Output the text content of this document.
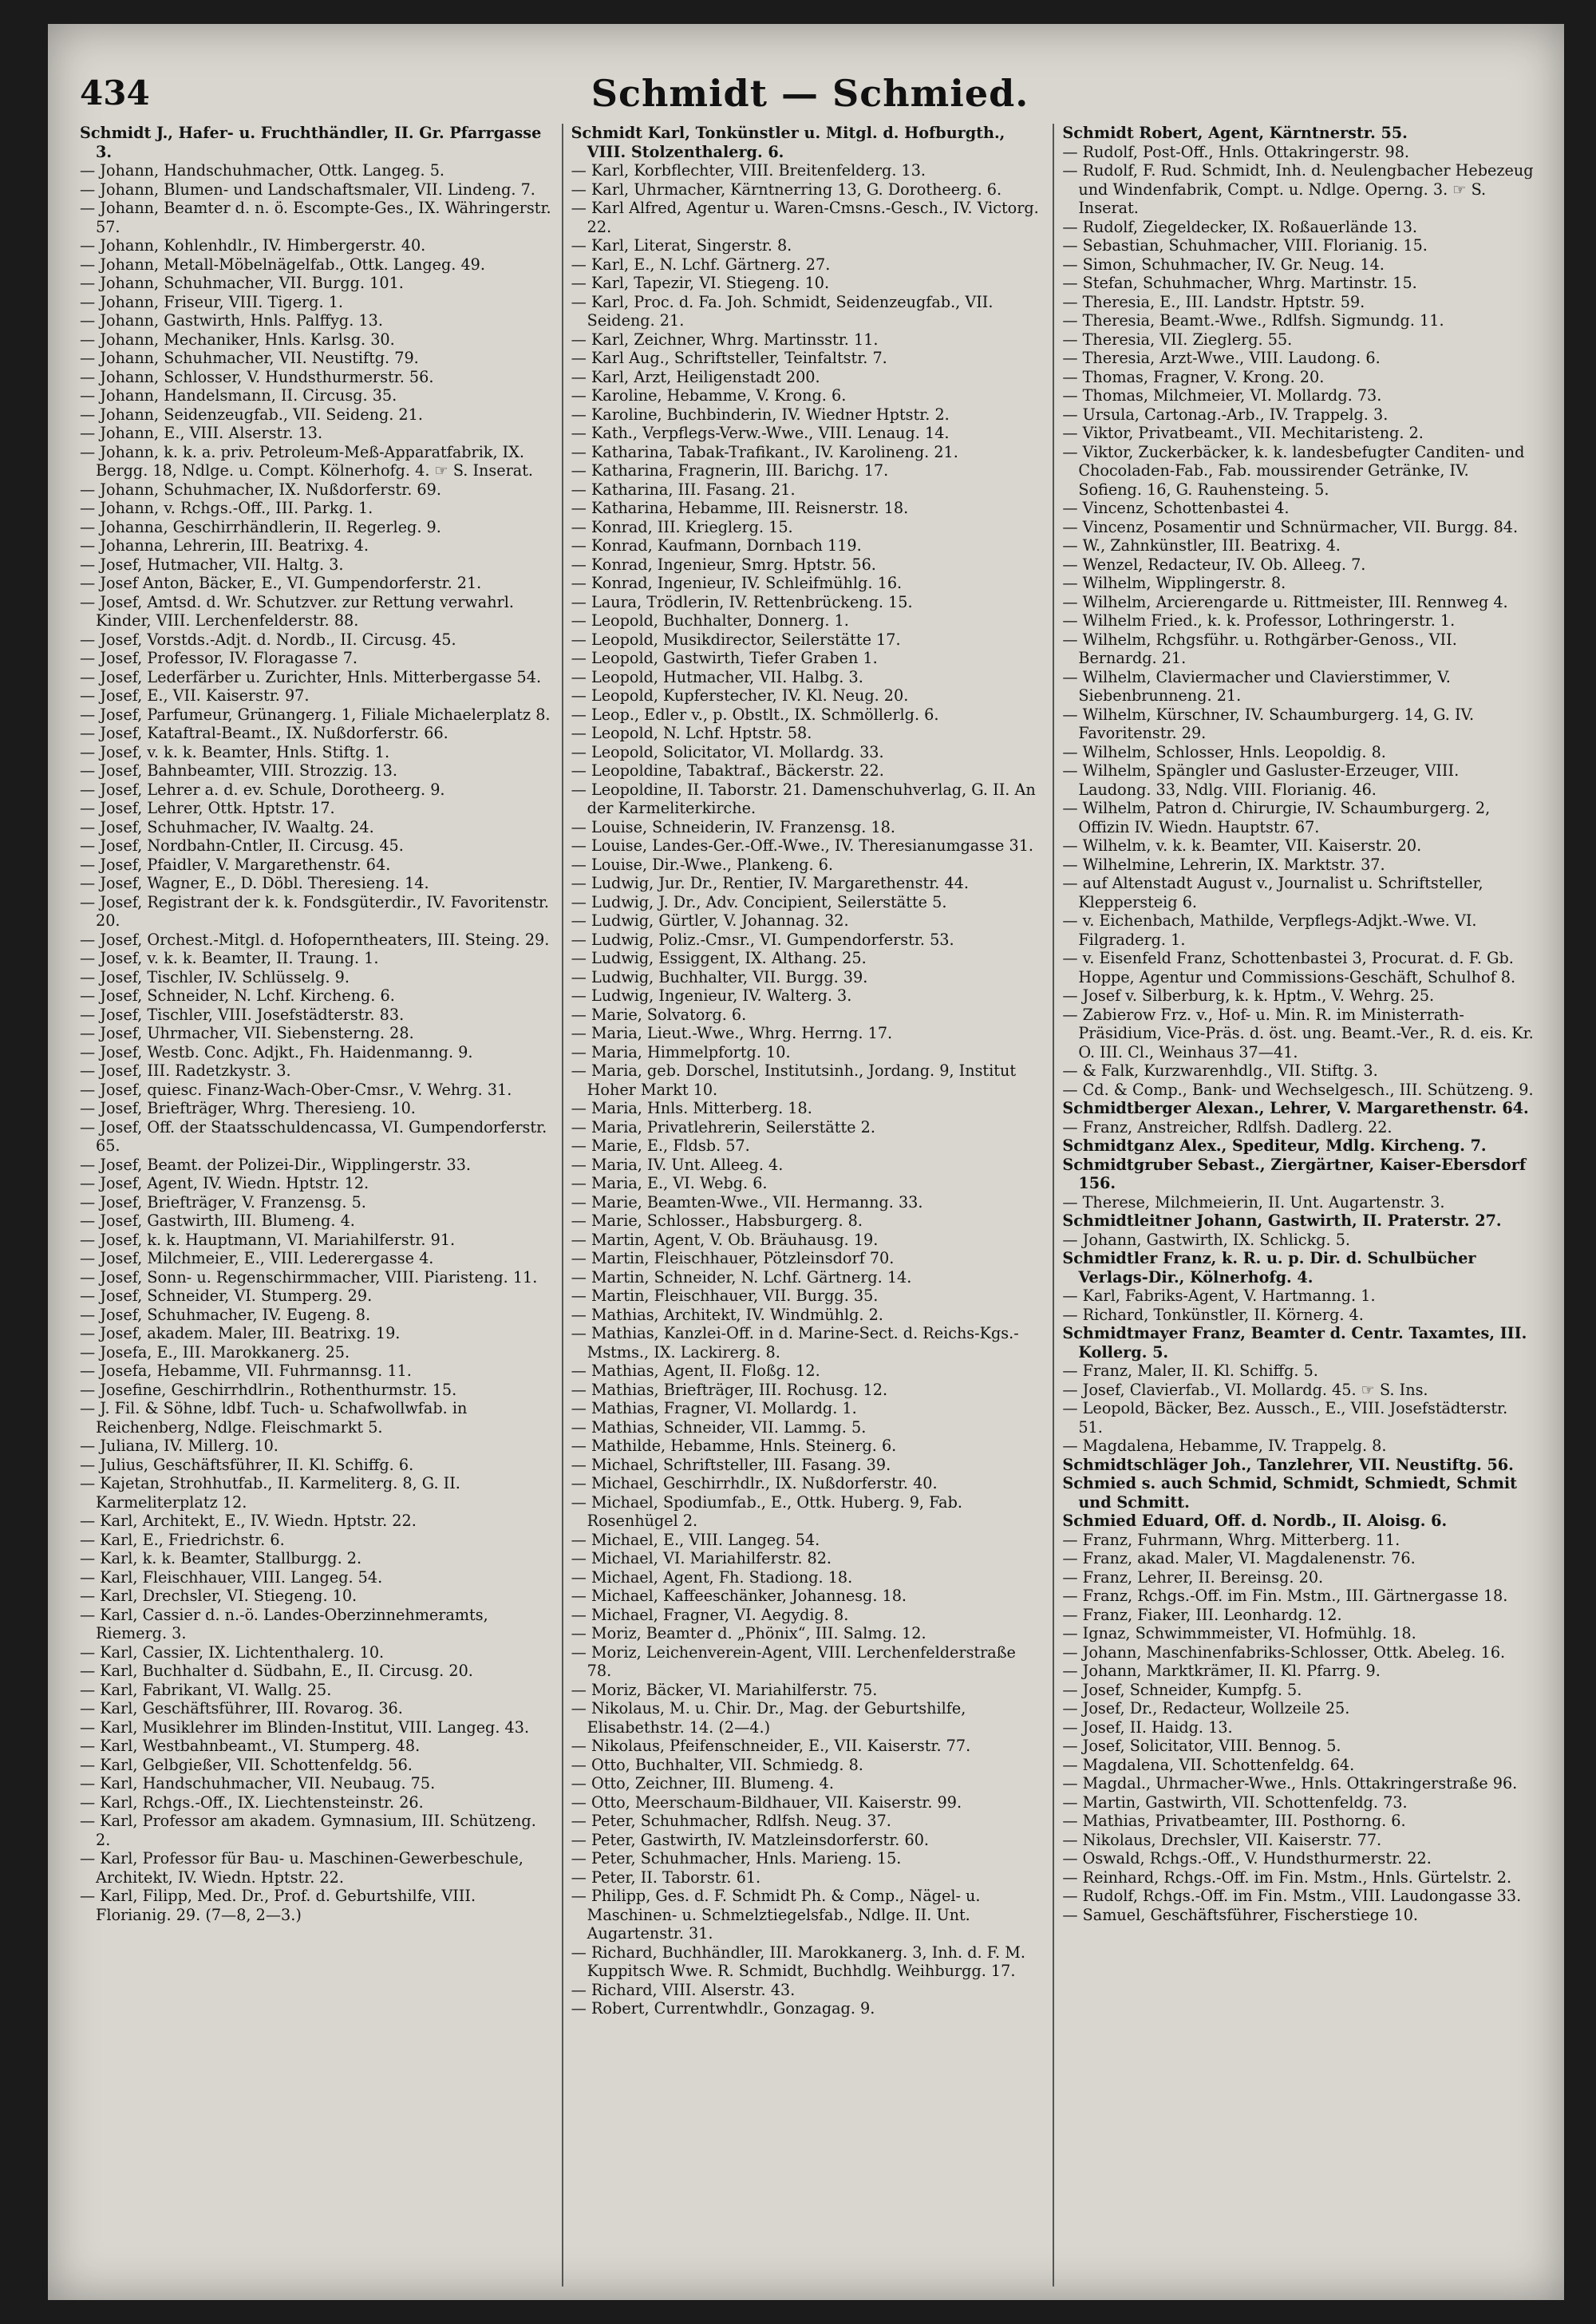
434	Schmidt — Schmied.
Schmidt J., Hafer- u. Fruchthändler, II. Gr. Pfarrgasse 3.
— Johann, Handschuhmacher, Ottk. Langeg. 5.
— Johann, Blumen- und Landschaftsmaler, VII. Lindeng. 7.
— Johann, Beamter d. n. ö. Escompte-Ges., IX. Währingerstr. 57.
— Johann, Kohlenhdlr., IV. Himbergerstr. 40.
— Johann, Metall-Möbelnägelfab., Ottk. Langeg. 49.
— Johann, Schuhmacher, VII. Burgg. 101.
— Johann, Friseur, VIII. Tigerg. 1.
— Johann, Gastwirth, Hnls. Palffyg. 13.
— Johann, Mechaniker, Hnls. Karlsg. 30.
— Johann, Schuhmacher, VII. Neustiftg. 79.
— Johann, Schlosser, V. Hundsthurmerstr. 56.
— Johann, Handelsmann, II. Circusg. 35.
— Johann, Seidenzeugfab., VII. Seideng. 21.
— Johann, E., VIII. Alserstr. 13.
— Johann, k. k. a. priv. Petroleum-Meß-Apparatfabrik, IX. Bergg. 18, Ndlge. u. Compt. Kölnerhofg. 4. ☞ S. Inserat.
— Johann, Schuhmacher, IX. Nußdorferstr. 69.
— Johann, v. Rchgs.-Off., III. Parkg. 1.
— Johanna, Geschirrhändlerin, II. Regerleg. 9.
— Johanna, Lehrerin, III. Beatrixg. 4.
— Josef, Hutmacher, VII. Haltg. 3.
— Josef Anton, Bäcker, E., VI. Gumpendorferstr. 21.
— Josef, Amtsd. d. Wr. Schutzver. zur Rettung verwahrl. Kinder, VIII. Lerchenfelderstr. 88.
— Josef, Vorstds.-Adjt. d. Nordb., II. Circusg. 45.
— Josef, Professor, IV. Floragasse 7.
— Josef, Lederfärber u. Zurichter, Hnls. Mitterbergasse 54.
— Josef, E., VII. Kaiserstr. 97.
— Josef, Parfumeur, Grünangerg. 1, Filiale Michaelerplatz 8.
— Josef, Kataftral-Beamt., IX. Nußdorferstr. 66.
— Josef, v. k. k. Beamter, Hnls. Stiftg. 1.
— Josef, Bahnbeamter, VIII. Strozzig. 13.
— Josef, Lehrer a. d. ev. Schule, Dorotheerg. 9.
— Josef, Lehrer, Ottk. Hptstr. 17.
— Josef, Schuhmacher, IV. Waaltg. 24.
— Josef, Nordbahn-Cntler, II. Circusg. 45.
— Josef, Pfaidler, V. Margarethenstr. 64.
— Josef, Wagner, E., D. Döbl. Theresieng. 14.
— Josef, Registrant der k. k. Fondsgüterdir., IV. Favoritenstr. 20.
— Josef, Orchest.-Mitgl. d. Hofoperntheaters, III. Steing. 29.
— Josef, v. k. k. Beamter, II. Traung. 1.
— Josef, Tischler, IV. Schlüsselg. 9.
— Josef, Schneider, N. Lchf. Kircheng. 6.
— Josef, Tischler, VIII. Josefstädterstr. 83.
— Josef, Uhrmacher, VII. Siebensterng. 28.
— Josef, Westb. Conc. Adjkt., Fh. Haidenmanng. 9.
— Josef, III. Radetzkystr. 3.
— Josef, quiesc. Finanz-Wach-Ober-Cmsr., V. Wehrg. 31.
— Josef, Briefträger, Whrg. Theresieng. 10.
— Josef, Off. der Staatsschuldencassa, VI. Gumpendorferstr. 65.
— Josef, Beamt. der Polizei-Dir., Wipplingerstr. 33.
— Josef, Agent, IV. Wiedn. Hptstr. 12.
— Josef, Briefträger, V. Franzensg. 5.
— Josef, Gastwirth, III. Blumeng. 4.
— Josef, k. k. Hauptmann, VI. Mariahilferstr. 91.
— Josef, Milchmeier, E., VIII. Lederergasse 4.
— Josef, Sonn- u. Regenschirmmacher, VIII. Piaristeng. 11.
— Josef, Schneider, VI. Stumperg. 29.
— Josef, Schuhmacher, IV. Eugeng. 8.
— Josef, akadem. Maler, III. Beatrixg. 19.
— Josefa, E., III. Marokkanerg. 25.
— Josefa, Hebamme, VII. Fuhrmannsg. 11.
— Josefine, Geschirrhdlrin., Rothenthurmstr. 15.
— J. Fil. & Söhne, ldbf. Tuch- u. Schafwollwfab. in Reichenberg, Ndlge. Fleischmarkt 5.
— Juliana, IV. Millerg. 10.
— Julius, Geschäftsführer, II. Kl. Schiffg. 6.
— Kajetan, Strohhutfab., II. Karmeliterg. 8, G. II. Karmeliterplatz 12.
— Karl, Architekt, E., IV. Wiedn. Hptstr. 22.
— Karl, E., Friedrichstr. 6.
— Karl, k. k. Beamter, Stallburgg. 2.
— Karl, Fleischhauer, VIII. Langeg. 54.
— Karl, Drechsler, VI. Stiegeng. 10.
— Karl, Cassier d. n.-ö. Landes-Oberzinnehmeramts, Riemerg. 3.
— Karl, Cassier, IX. Lichtenthalerg. 10.
— Karl, Buchhalter d. Südbahn, E., II. Circusg. 20.
— Karl, Fabrikant, VI. Wallg. 25.
— Karl, Geschäftsführer, III. Rovarog. 36.
— Karl, Musiklehrer im Blinden-Institut, VIII. Langeg. 43.
— Karl, Westbahnbeamt., VI. Stumperg. 48.
— Karl, Gelbgießer, VII. Schottenfeldg. 56.
— Karl, Handschuhmacher, VII. Neubaug. 75.
— Karl, Rchgs.-Off., IX. Liechtensteinstr. 26.
— Karl, Professor am akadem. Gymnasium, III. Schützeng. 2.
— Karl, Professor für Bau- u. Maschinen-Gewerbeschule, Architekt, IV. Wiedn. Hptstr. 22.
— Karl, Filipp, Med. Dr., Prof. d. Geburtshilfe, VIII. Florianig. 29. (7—8, 2—3.)
Schmidt Karl, Tonkünstler u. Mitgl. d. Hofburgth., VIII. Stolzenthalerg. 6.
— Karl, Korbflechter, VIII. Breitenfelderg. 13.
— Karl, Uhrmacher, Kärntnerring 13, G. Dorotheerg. 6.
— Karl Alfred, Agentur u. Waren-Cmsns.-Gesch., IV. Victorg. 22.
— Karl, Literat, Singerstr. 8.
— Karl, E., N. Lchf. Gärtnerg. 27.
— Karl, Tapezir, VI. Stiegeng. 10.
— Karl, Proc. d. Fa. Joh. Schmidt, Seidenzeugfab., VII. Seideng. 21.
— Karl, Zeichner, Whrg. Martinsstr. 11.
— Karl Aug., Schriftsteller, Teinfaltstr. 7.
— Karl, Arzt, Heiligenstadt 200.
— Karoline, Hebamme, V. Krong. 6.
— Karoline, Buchbinderin, IV. Wiedner Hptstr. 2.
— Kath., Verpflegs-Verw.-Wwe., VIII. Lenaug. 14.
— Katharina, Tabak-Trafikant., IV. Karolineng. 21.
— Katharina, Fragnerin, III. Barichg. 17.
— Katharina, III. Fasang. 21.
— Katharina, Hebamme, III. Reisnerstr. 18.
— Konrad, III. Krieglerg. 15.
— Konrad, Kaufmann, Dornbach 119.
— Konrad, Ingenieur, Smrg. Hptstr. 56.
— Konrad, Ingenieur, IV. Schleifmühlg. 16.
— Laura, Trödlerin, IV. Rettenbrückeng. 15.
— Leopold, Buchhalter, Donnerg. 1.
— Leopold, Musikdirector, Seilerstätte 17.
— Leopold, Gastwirth, Tiefer Graben 1.
— Leopold, Hutmacher, VII. Halbg. 3.
— Leopold, Kupferstecher, IV. Kl. Neug. 20.
— Leop., Edler v., p. Obstlt., IX. Schmöllerlg. 6.
— Leopold, N. Lchf. Hptstr. 58.
— Leopold, Solicitator, VI. Mollardg. 33.
— Leopoldine, Tabaktraf., Bäckerstr. 22.
— Leopoldine, II. Taborstr. 21. Damenschuhverlag, G. II. An der Karmeliterkirche.
— Louise, Schneiderin, IV. Franzensg. 18.
— Louise, Landes-Ger.-Off.-Wwe., IV. Theresianumgasse 31.
— Louise, Dir.-Wwe., Plankeng. 6.
— Ludwig, Jur. Dr., Rentier, IV. Margarethenstr. 44.
— Ludwig, J. Dr., Adv. Concipient, Seilerstätte 5.
— Ludwig, Gürtler, V. Johannag. 32.
— Ludwig, Poliz.-Cmsr., VI. Gumpendorferstr. 53.
— Ludwig, Essiggent, IX. Althang. 25.
— Ludwig, Buchhalter, VII. Burgg. 39.
— Ludwig, Ingenieur, IV. Walterg. 3.
— Marie, Solvatorg. 6.
— Maria, Lieut.-Wwe., Whrg. Herrng. 17.
— Maria, Himmelpfortg. 10.
— Maria, geb. Dorschel, Institutsinh., Jordang. 9, Institut Hoher Markt 10.
— Maria, Hnls. Mitterberg. 18.
— Maria, Privatlehrerin, Seilerstätte 2.
— Marie, E., Fldsb. 57.
— Maria, IV. Unt. Alleeg. 4.
— Maria, E., VI. Webg. 6.
— Marie, Beamten-Wwe., VII. Hermanng. 33.
— Marie, Schlosser., Habsburgerg. 8.
— Martin, Agent, V. Ob. Bräuhausg. 19.
— Martin, Fleischhauer, Pötzleinsdorf 70.
— Martin, Schneider, N. Lchf. Gärtnerg. 14.
— Martin, Fleischhauer, VII. Burgg. 35.
— Mathias, Architekt, IV. Windmühlg. 2.
— Mathias, Kanzlei-Off. in d. Marine-Sect. d. Reichs-Kgs.-Mstms., IX. Lackirerg. 8.
— Mathias, Agent, II. Floßg. 12.
— Mathias, Briefträger, III. Rochusg. 12.
— Mathias, Fragner, VI. Mollardg. 1.
— Mathias, Schneider, VII. Lammg. 5.
— Mathilde, Hebamme, Hnls. Steinerg. 6.
— Michael, Schriftsteller, III. Fasang. 39.
— Michael, Geschirrhdlr., IX. Nußdorferstr. 40.
— Michael, Spodiumfab., E., Ottk. Huberg. 9, Fab. Rosenhügel 2.
— Michael, E., VIII. Langeg. 54.
— Michael, VI. Mariahilferstr. 82.
— Michael, Agent, Fh. Stadiong. 18.
— Michael, Kaffeeschänker, Johannesg. 18.
— Michael, Fragner, VI. Aegydig. 8.
— Moriz, Beamter d. „Phönix“, III. Salmg. 12.
— Moriz, Leichenverein-Agent, VIII. Lerchenfelderstraße 78.
— Moriz, Bäcker, VI. Mariahilferstr. 75.
— Nikolaus, M. u. Chir. Dr., Mag. der Geburtshilfe, Elisabethstr. 14. (2—4.)
— Nikolaus, Pfeifenschneider, E., VII. Kaiserstr. 77.
— Otto, Buchhalter, VII. Schmiedg. 8.
— Otto, Zeichner, III. Blumeng. 4.
— Otto, Meerschaum-Bildhauer, VII. Kaiserstr. 99.
— Peter, Schuhmacher, Rdlfsh. Neug. 37.
— Peter, Gastwirth, IV. Matzleinsdorferstr. 60.
— Peter, Schuhmacher, Hnls. Marieng. 15.
— Peter, II. Taborstr. 61.
— Philipp, Ges. d. F. Schmidt Ph. & Comp., Nägel- u. Maschinen- u. Schmelztiegelsfab., Ndlge. II. Unt. Augartenstr. 31.
— Richard, Buchhändler, III. Marokkanerg. 3, Inh. d. F. M. Kuppitsch Wwe. R. Schmidt, Buchhdlg. Weihburgg. 17.
— Richard, VIII. Alserstr. 43.
— Robert, Currentwhdlr., Gonzagag. 9.
Schmidt Robert, Agent, Kärntnerstr. 55.
— Rudolf, Post-Off., Hnls. Ottakringerstr. 98.
— Rudolf, F. Rud. Schmidt, Inh. d. Neulengbacher Hebezeug und Windenfabrik, Compt. u. Ndlge. Operng. 3. ☞ S. Inserat.
— Rudolf, Ziegeldecker, IX. Roßauerlände 13.
— Sebastian, Schuhmacher, VIII. Florianig. 15.
— Simon, Schuhmacher, IV. Gr. Neug. 14.
— Stefan, Schuhmacher, Whrg. Martinstr. 15.
— Theresia, E., III. Landstr. Hptstr. 59.
— Theresia, Beamt.-Wwe., Rdlfsh. Sigmundg. 11.
— Theresia, VII. Zieglerg. 55.
— Theresia, Arzt-Wwe., VIII. Laudong. 6.
— Thomas, Fragner, V. Krong. 20.
— Thomas, Milchmeier, VI. Mollardg. 73.
— Ursula, Cartonag.-Arb., IV. Trappelg. 3.
— Viktor, Privatbeamt., VII. Mechitaristeng. 2.
— Viktor, Zuckerbäcker, k. k. landesbefugter Canditen- und Chocoladen-Fab., Fab. moussirender Getränke, IV. Sofieng. 16, G. Rauhensteing. 5.
— Vincenz, Schottenbastei 4.
— Vincenz, Posamentir und Schnürmacher, VII. Burgg. 84.
— W., Zahnkünstler, III. Beatrixg. 4.
— Wenzel, Redacteur, IV. Ob. Alleeg. 7.
— Wilhelm, Wipplingerstr. 8.
— Wilhelm, Arcierengarde u. Rittmeister, III. Rennweg 4.
— Wilhelm Fried., k. k. Professor, Lothringerstr. 1.
— Wilhelm, Rchgsführ. u. Rothgärber-Genoss., VII. Bernardg. 21.
— Wilhelm, Claviermacher und Clavierstimmer, V. Siebenbrunneng. 21.
— Wilhelm, Kürschner, IV. Schaumburgerg. 14, G. IV. Favoritenstr. 29.
— Wilhelm, Schlosser, Hnls. Leopoldig. 8.
— Wilhelm, Spängler und Gasluster-Erzeuger, VIII. Laudong. 33, Ndlg. VIII. Florianig. 46.
— Wilhelm, Patron d. Chirurgie, IV. Schaumburgerg. 2, Offizin IV. Wiedn. Hauptstr. 67.
— Wilhelm, v. k. k. Beamter, VII. Kaiserstr. 20.
— Wilhelmine, Lehrerin, IX. Marktstr. 37.
— auf Altenstadt August v., Journalist u. Schriftsteller, Kleppersteig 6.
— v. Eichenbach, Mathilde, Verpflegs-Adjkt.-Wwe. VI. Filgraderg. 1.
— v. Eisenfeld Franz, Schottenbastei 3, Procurat. d. F. Gb. Hoppe, Agentur und Commissions-Geschäft, Schulhof 8.
— Josef v. Silberburg, k. k. Hptm., V. Wehrg. 25.
— Zabierow Frz. v., Hof- u. Min. R. im Ministerrath-Präsidium, Vice-Präs. d. öst. ung. Beamt.-Ver., R. d. eis. Kr. O. III. Cl., Weinhaus 37—41.
— & Falk, Kurzwarenhdlg., VII. Stiftg. 3.
— Cd. & Comp., Bank- und Wechselgesch., III. Schützeng. 9.
Schmidtberger Alexan., Lehrer, V. Margarethenstr. 64.
— Franz, Anstreicher, Rdlfsh. Dadlerg. 22.
Schmidtganz Alex., Spediteur, Mdlg. Kircheng. 7.
Schmidtgruber Sebast., Ziergärtner, Kaiser-Ebersdorf 156.
— Therese, Milchmeierin, II. Unt. Augartenstr. 3.
Schmidtleitner Johann, Gastwirth, II. Praterstr. 27.
— Johann, Gastwirth, IX. Schlickg. 5.
Schmidtler Franz, k. R. u. p. Dir. d. Schulbücher Verlags-Dir., Kölnerhofg. 4.
— Karl, Fabriks-Agent, V. Hartmanng. 1.
— Richard, Tonkünstler, II. Körnerg. 4.
Schmidtmayer Franz, Beamter d. Centr. Taxamtes, III. Kollerg. 5.
— Franz, Maler, II. Kl. Schiffg. 5.
— Josef, Clavierfab., VI. Mollardg. 45. ☞ S. Ins.
— Leopold, Bäcker, Bez. Aussch., E., VIII. Josefstädterstr. 51.
— Magdalena, Hebamme, IV. Trappelg. 8.
Schmidtschläger Joh., Tanzlehrer, VII. Neustiftg. 56.
Schmied s. auch Schmid, Schmidt, Schmiedt, Schmit und Schmitt.
Schmied Eduard, Off. d. Nordb., II. Aloisg. 6.
— Franz, Fuhrmann, Whrg. Mitterberg. 11.
— Franz, akad. Maler, VI. Magdalenenstr. 76.
— Franz, Lehrer, II. Bereinsg. 20.
— Franz, Rchgs.-Off. im Fin. Mstm., III. Gärtnergasse 18.
— Franz, Fiaker, III. Leonhardg. 12.
— Ignaz, Schwimmmeister, VI. Hofmühlg. 18.
— Johann, Maschinenfabriks-Schlosser, Ottk. Abeleg. 16.
— Johann, Marktkrämer, II. Kl. Pfarrg. 9.
— Josef, Schneider, Kumpfg. 5.
— Josef, Dr., Redacteur, Wollzeile 25.
— Josef, II. Haidg. 13.
— Josef, Solicitator, VIII. Bennog. 5.
— Magdalena, VII. Schottenfeldg. 64.
— Magdal., Uhrmacher-Wwe., Hnls. Ottakringerstraße 96.
— Martin, Gastwirth, VII. Schottenfeldg. 73.
— Mathias, Privatbeamter, III. Posthorng. 6.
— Nikolaus, Drechsler, VII. Kaiserstr. 77.
— Oswald, Rchgs.-Off., V. Hundsthurmerstr. 22.
— Reinhard, Rchgs.-Off. im Fin. Mstm., Hnls. Gürtelstr. 2.
— Rudolf, Rchgs.-Off. im Fin. Mstm., VIII. Laudongasse 33.
— Samuel, Geschäftsführer, Fischerstiege 10.
